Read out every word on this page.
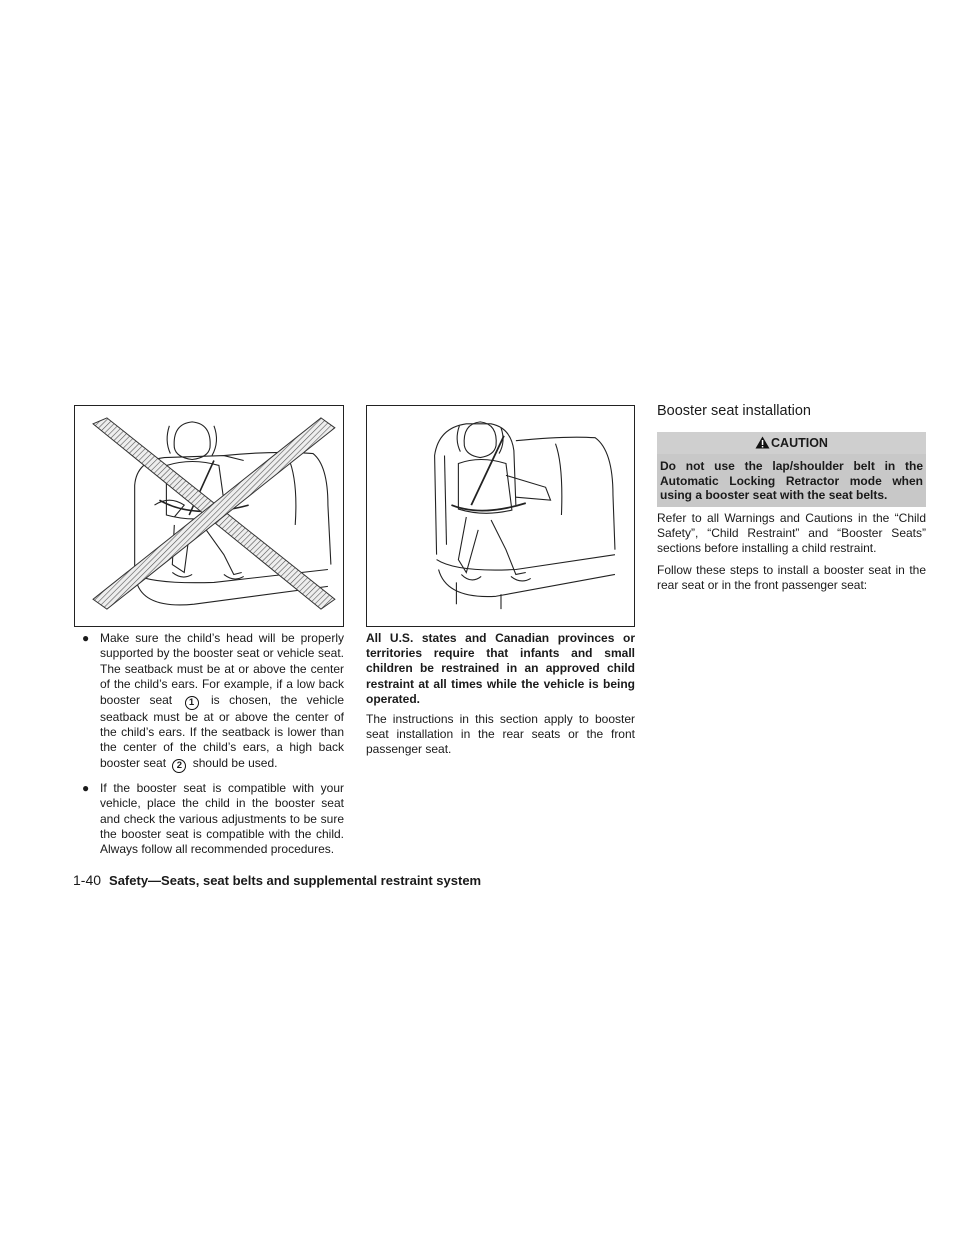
● Make sure the child’s head will be properly supported by the booster seat or vehicle seat. The seatback must be at or above the center of the child’s ears. For example, if a low back booster seat 1 is chosen, the vehicle seatback must be at or above the center of the child’s ears. If the seatback is lower than the center of the child’s ears, a high back booster seat 2 should be used.
● If the booster seat is compatible with your vehicle, place the child in the booster seat and check the various adjustments to be sure the booster seat is compatible with the child. Always follow all recommended procedures.
All U.S. states and Canadian provinces or territories require that infants and small children be restrained in an approved child restraint at all times while the vehicle is being operated.
The instructions in this section apply to booster seat installation in the rear seats or the front passenger seat.
Booster seat installation
CAUTION
Do not use the lap/shoulder belt in the Automatic Locking Retractor mode when using a booster seat with the seat belts.
Refer to all Warnings and Cautions in the “Child Safety”, “Child Restraint” and “Booster Seats” sections before installing a child restraint.
Follow these steps to install a booster seat in the rear seat or in the front passenger seat:
1-40 Safety—Seats, seat belts and supplemental restraint system
